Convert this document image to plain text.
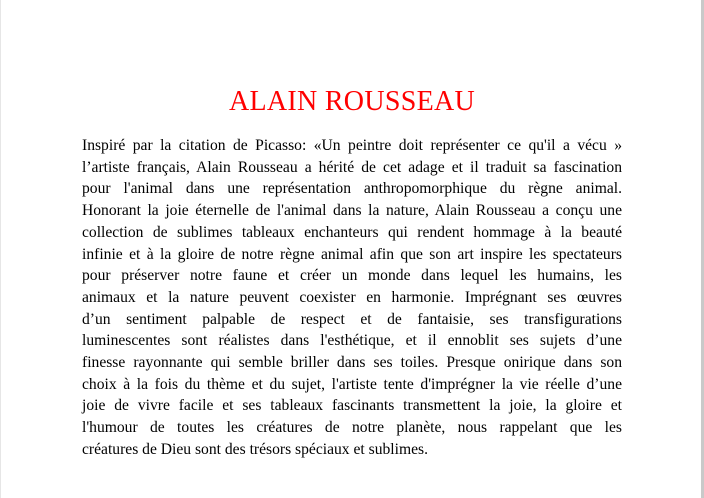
ALAIN ROUSSEAU
Inspiré par la citation de Picasso: «Un peintre doit représenter ce qu'il a vécu »
l’artiste français, Alain Rousseau a hérité de cet adage et il traduit sa fascination
pour l'animal dans une représentation anthropomorphique du règne animal.
Honorant la joie éternelle de l'animal dans la nature, Alain Rousseau a conçu une
collection de sublimes tableaux enchanteurs qui rendent hommage à la beauté
infinie et à la gloire de notre règne animal afin que son art inspire les spectateurs
pour préserver notre faune et créer un monde dans lequel les humains, les
animaux et la nature peuvent coexister en harmonie. Imprégnant ses œuvres
d’un sentiment palpable de respect et de fantaisie, ses transfigurations
luminescentes sont réalistes dans l'esthétique, et il ennoblit ses sujets d’une
finesse rayonnante qui semble briller dans ses toiles. Presque onirique dans son
choix à la fois du thème et du sujet, l'artiste tente d'imprégner la vie réelle d’une
joie de vivre facile et ses tableaux fascinants transmettent la joie, la gloire et
l'humour de toutes les créatures de notre planète, nous rappelant que les
créatures de Dieu sont des trésors spéciaux et sublimes.
